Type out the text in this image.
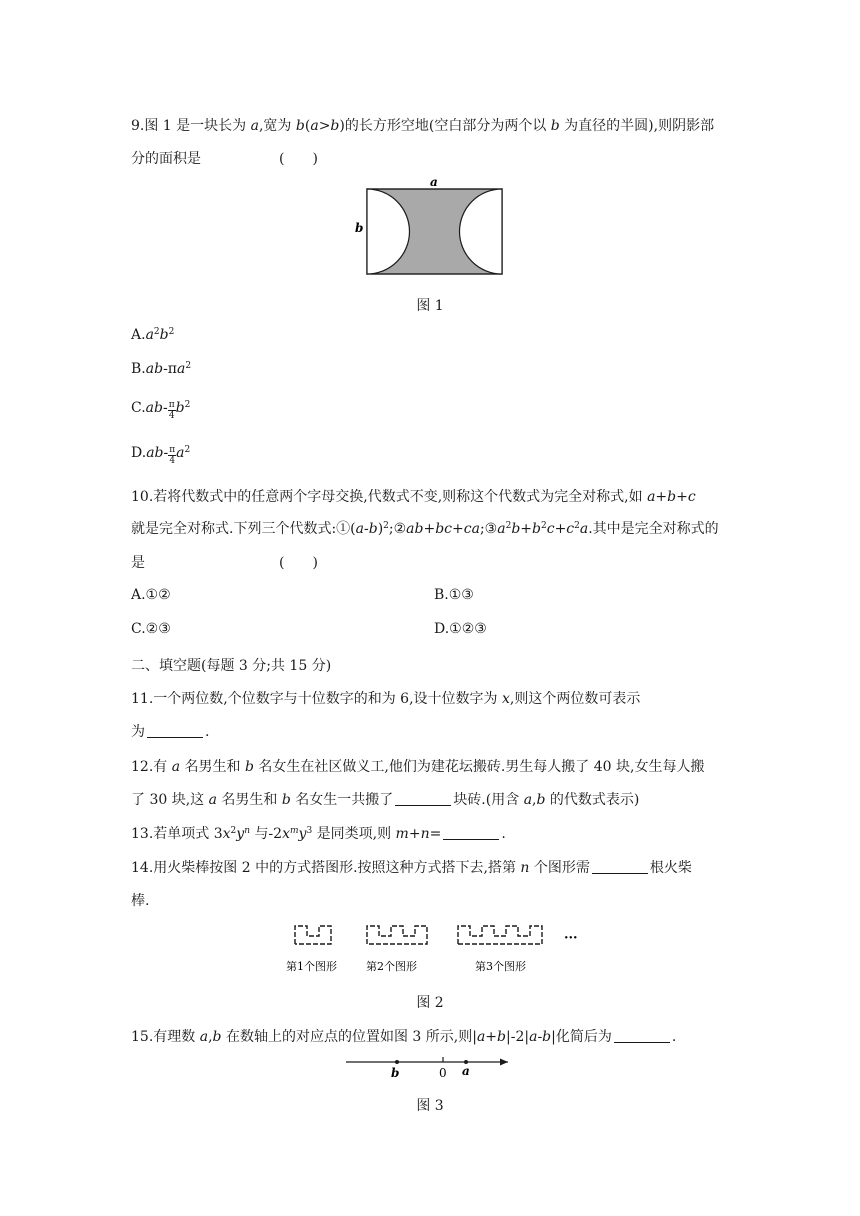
9.图 1 是一块长为 a,宽为 b(a>b)的长方形空地(空白部分为两个以 b 为直径的半圆),则阴影部
分的面积是	(　　)
a
b
图 1
$A.a^2b^2$
$B.ab-\pi a^2$
$C.ab- \frac{\pi}{4} b^2$
$D.ab- \frac{\pi}{4} a^2$
10.若将代数式中的任意两个字母交换,代数式不变,则称这个代数式为完全对称式,如 a+b+c
就是完全对称式.下列三个代数式$:①(a-b)^2;②ab+bc+ca;③a^2b+b^2c+c^2a$.其中是完全对称式的
是	(　　)
A.①②	B.①③
C.②③	D.①②③
二、填空题(每题 3 分;共 15 分)
11.一个两位数,个位数字与十位数字的和为 6,设十位数字为 x,则这个两位数可表示
为	.
12.有 a 名男生和 b 名女生在社区做义工,他们为建花坛搬砖.男生每人搬了 40 块,女生每人搬
了 30 块,这 a 名男生和 b 名女生一共搬了	块砖.(用含 a,b 的代数式表示)
13.若单项式 $3x^2y^n$ 与$-2x^my^3$ 是同类项,则 m+n=	.
14.用火柴棒按图 2 中的方式搭图形.按照这种方式搭下去,搭第 n 个图形需	根火柴
棒.
···
第1个图形	第2个图形	第3个图形
图 2
15.有理数 a,b 在数轴上的对应点的位置如图 3 所示,则|a+b|-2|a-b|化简后为	.
b	0 a
图 3
